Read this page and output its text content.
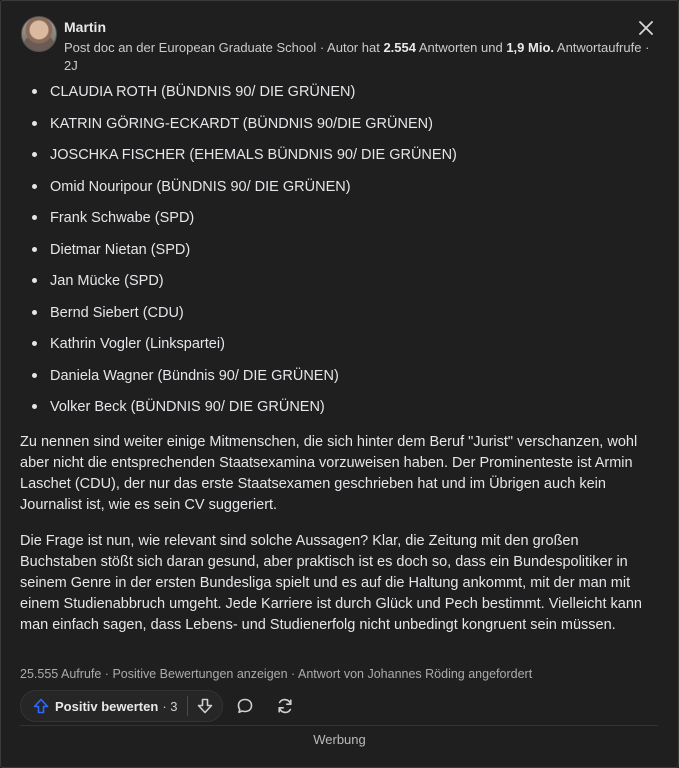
Martin
Post doc an der European Graduate School · Autor hat 2.554 Antworten und 1,9 Mio. Antwortaufrufe · 2J
CLAUDIA ROTH (BÜNDNIS 90/ DIE GRÜNEN)
KATRIN GÖRING-ECKARDT (BÜNDNIS 90/DIE GRÜNEN)
JOSCHKA FISCHER (EHEMALS BÜNDNIS 90/ DIE GRÜNEN)
Omid Nouripour (BÜNDNIS 90/ DIE GRÜNEN)
Frank Schwabe (SPD)
Dietmar Nietan (SPD)
Jan Mücke (SPD)
Bernd Siebert (CDU)
Kathrin Vogler (Linkspartei)
Daniela Wagner (Bündnis 90/ DIE GRÜNEN)
Volker Beck (BÜNDNIS 90/ DIE GRÜNEN)

Zu nennen sind weiter einige Mitmenschen, die sich hinter dem Beruf "Jurist" verschanzen, wohl aber nicht die entsprechenden Staatsexamina vorzuweisen haben. Der Prominenteste ist Armin Laschet (CDU), der nur das erste Staatsexamen geschrieben hat und im Übrigen auch kein Journalist ist, wie es sein CV suggeriert.

Die Frage ist nun, wie relevant sind solche Aussagen? Klar, die Zeitung mit den großen Buchstaben stößt sich daran gesund, aber praktisch ist es doch so, dass ein Bundespolitiker in seinem Genre in der ersten Bundesliga spielt und es auf die Haltung ankommt, mit der man mit einem Studienabbruch umgeht. Jede Karriere ist durch Glück und Pech bestimmt. Vielleicht kann man einfach sagen, dass Lebens- und Studienerfolg nicht unbedingt kongruent sein müssen.

25.555 Aufrufe · Positive Bewertungen anzeigen · Antwort von Johannes Röding angefordert
Positiv bewerten · 3
Werbung
